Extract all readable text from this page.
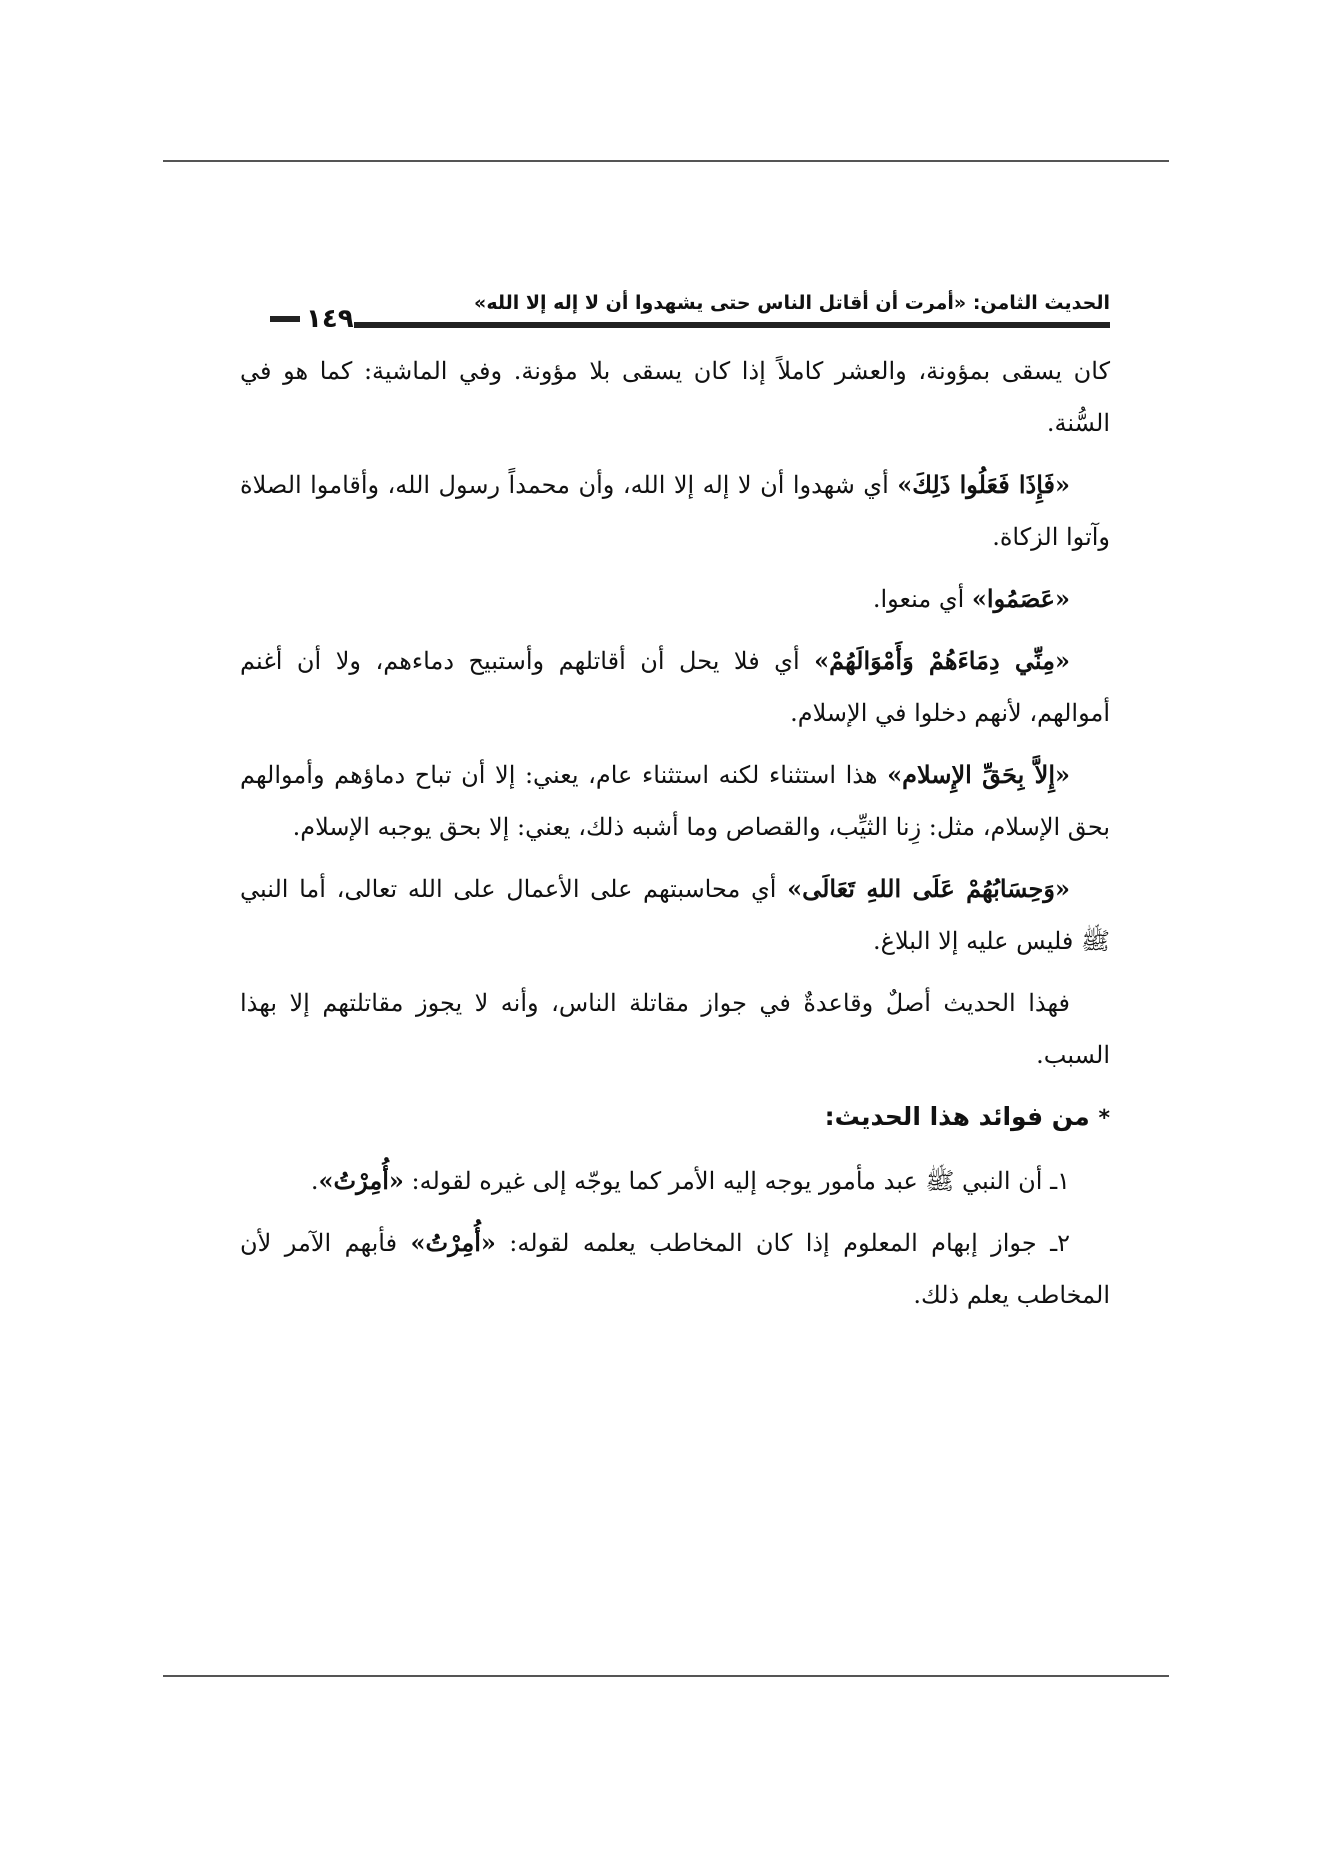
الحديث الثامن: «أمرت أن أقاتل الناس حتى يشهدوا أن لا إله إلا الله»
١٤٩

كان يسقى بمؤونة، والعشر كاملاً إذا كان يسقى بلا مؤونة. وفي الماشية: كما هو في السُّنة.

«فَإِذَا فَعَلُوا ذَلِكَ» أي شهدوا أن لا إله إلا الله، وأن محمداً رسول الله، وأقاموا الصلاة وآتوا الزكاة.

«عَصَمُوا» أي منعوا.

«مِنِّي دِمَاءَهُمْ وَأَمْوَالَهُمْ» أي فلا يحل أن أقاتلهم وأستبيح دماءهم، ولا أن أغنم أموالهم، لأنهم دخلوا في الإسلام.

«إِلاَّ بِحَقِّ الإِسلام» هذا استثناء لكنه استثناء عام، يعني: إلا أن تباح دماؤهم وأموالهم بحق الإسلام، مثل: زِنا الثيِّب، والقصاص وما أشبه ذلك، يعني: إلا بحق يوجبه الإسلام.

«وَحِسَابُهُمْ عَلَى اللهِ تَعَالَى» أي محاسبتهم على الأعمال على الله تعالى، أما النبي ﷺ فليس عليه إلا البلاغ.

فهذا الحديث أصلٌ وقاعدةٌ في جواز مقاتلة الناس، وأنه لا يجوز مقاتلتهم إلا بهذا السبب.

* من فوائد هذا الحديث:

١ـ أن النبي ﷺ عبد مأمور يوجه إليه الأمر كما يوجّه إلى غيره لقوله: «أُمِرْتُ».

٢ـ جواز إبهام المعلوم إذا كان المخاطب يعلمه لقوله: «أُمِرْتُ» فأبهم الآمر لأن المخاطب يعلم ذلك.
